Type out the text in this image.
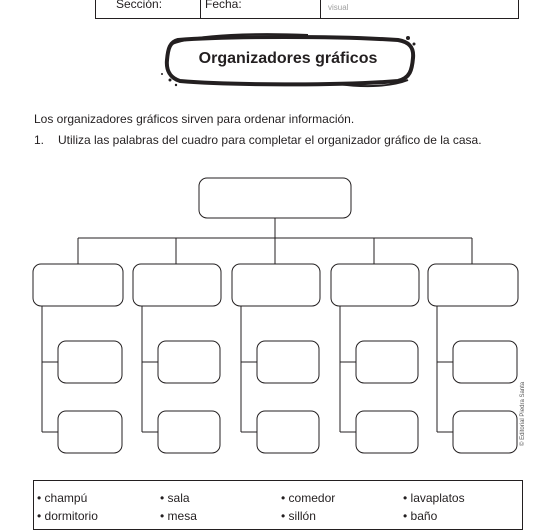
Sección:	Fecha:	visual
Organizadores gráficos
Los organizadores gráficos sirven para ordenar información.
1. Utiliza las palabras del cuadro para completar el organizador gráfico de la casa.
• champú	• sala	• comedor	• lavaplatos
• dormitorio	• mesa	• sillón	• baño
© Editorial Piedra Santa
